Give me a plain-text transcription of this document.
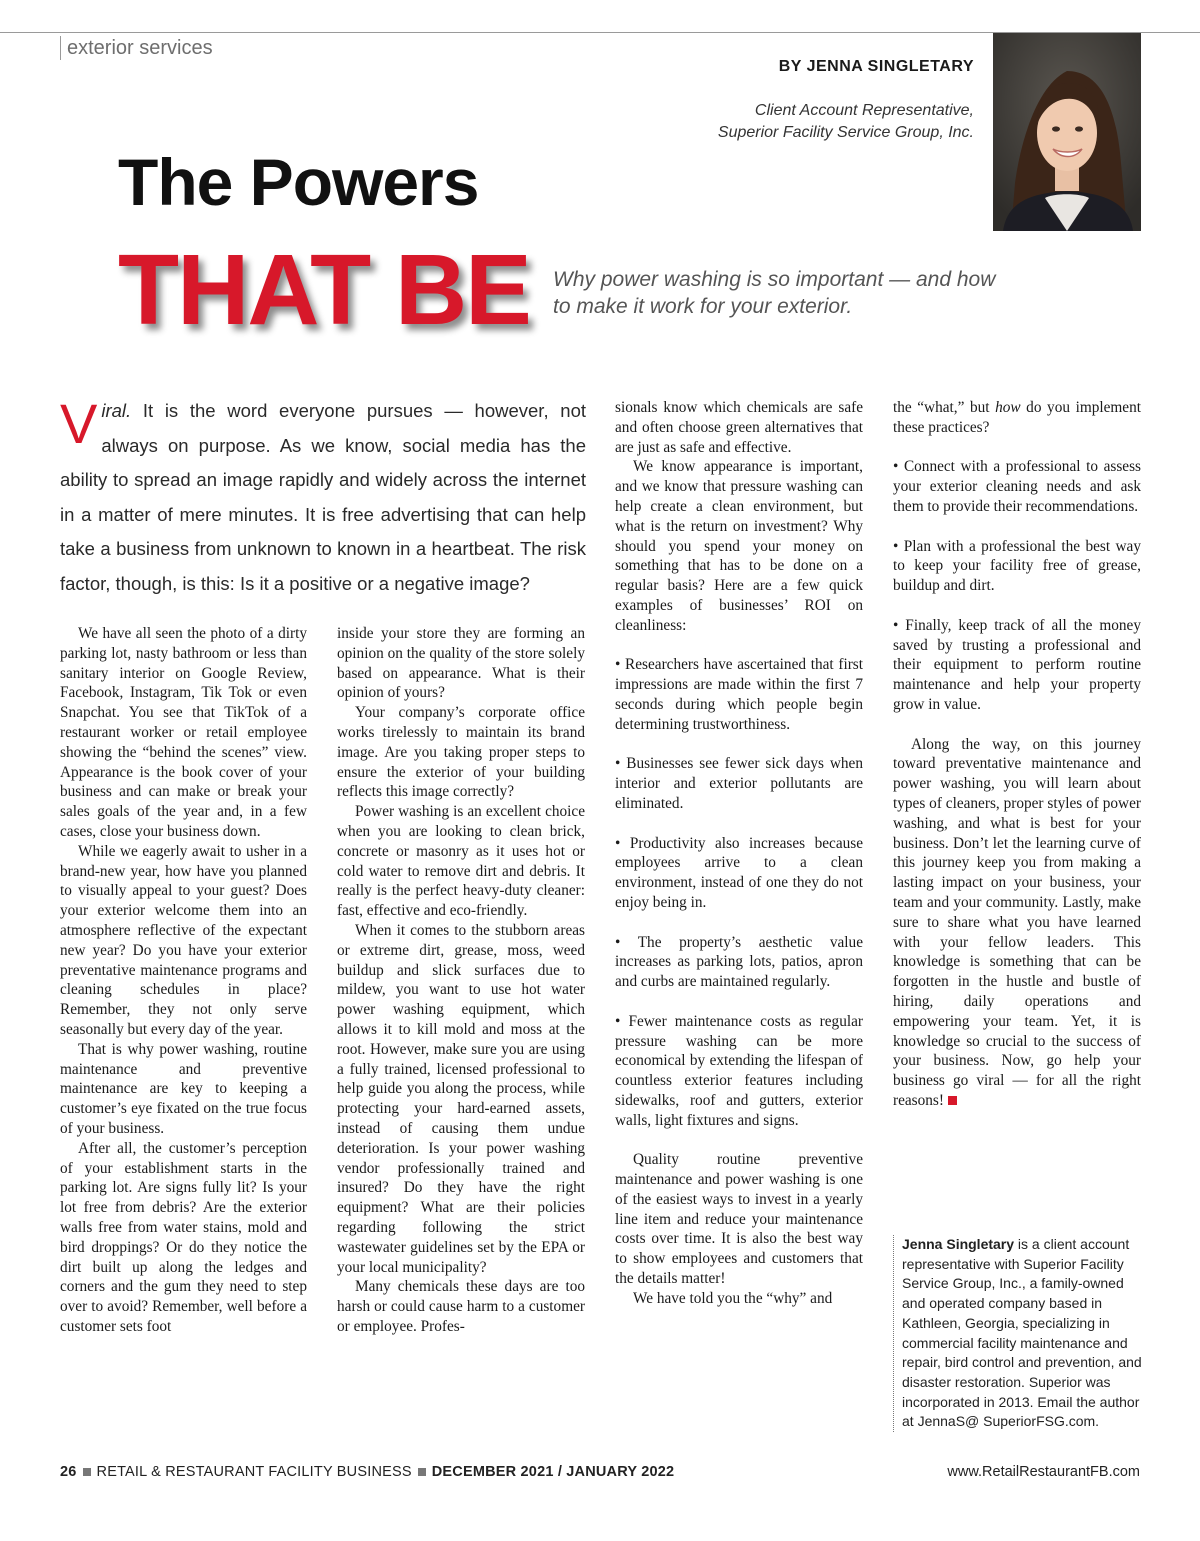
exterior services
BY JENNA SINGLETARY
Client Account Representative,
Superior Facility Service Group, Inc.
The Powers
THAT BE Why power washing is so important — and how to make it work for your exterior.
Viral. It is the word everyone pursues — however, not always on purpose. As we know, social media has the ability to spread an image rapidly and widely across the internet in a matter of mere minutes. It is free advertising that can help take a business from unknown to known in a heartbeat. The risk factor, though, is this: Is it a positive or a negative image?

We have all seen the photo of a dirty parking lot, nasty bathroom or less than sanitary interior on Google Review, Facebook, Instagram, Tik Tok or even Snapchat. You see that TikTok of a restaurant worker or retail employee showing the “behind the scenes” view. Appearance is the book cover of your business and can make or break your sales goals of the year and, in a few cases, close your business down.

While we eagerly await to usher in a brand-new year, how have you planned to visually appeal to your guest? Does your exterior welcome them into an atmosphere reflective of the expectant new year? Do you have your exterior preventative maintenance programs and cleaning schedules in place? Remember, they not only serve seasonally but every day of the year.

That is why power washing, routine maintenance and preventive maintenance are key to keeping a customer’s eye fixated on the true focus of your business.

After all, the customer’s perception of your establishment starts in the parking lot. Are signs fully lit? Is your lot free from debris? Are the exterior walls free from water stains, mold and bird droppings? Or do they notice the dirt built up along the ledges and corners and the gum they need to step over to avoid? Remember, well before a customer sets foot

inside your store they are forming an opinion on the quality of the store solely based on appearance. What is their opinion of yours?

Your company’s corporate office works tirelessly to maintain its brand image. Are you taking proper steps to ensure the exterior of your building reflects this image correctly?

Power washing is an excellent choice when you are looking to clean brick, concrete or masonry as it uses hot or cold water to remove dirt and debris. It really is the perfect heavy-duty cleaner: fast, effective and eco-friendly.

When it comes to the stubborn areas or extreme dirt, grease, moss, weed buildup and slick surfaces due to mildew, you want to use hot water power washing equipment, which allows it to kill mold and moss at the root. However, make sure you are using a fully trained, licensed professional to help guide you along the process, while protecting your hard-earned assets, instead of causing them undue deterioration. Is your power washing vendor professionally trained and insured? Do they have the right equipment? What are their policies regarding following the strict wastewater guidelines set by the EPA or your local municipality?

Many chemicals these days are too harsh or could cause harm to a customer or employee. Profes-

sionals know which chemicals are safe and often choose green alternatives that are just as safe and effective.

We know appearance is important, and we know that pressure washing can help create a clean environment, but what is the return on investment? Why should you spend your money on something that has to be done on a regular basis? Here are a few quick examples of businesses’ ROI on cleanliness:

• Researchers have ascertained that first impressions are made within the first 7 seconds during which people begin determining trustworthiness.

• Businesses see fewer sick days when interior and exterior pollutants are eliminated.

• Productivity also increases because employees arrive to a clean environment, instead of one they do not enjoy being in.

• The property’s aesthetic value increases as parking lots, patios, apron and curbs are maintained regularly.

• Fewer maintenance costs as regular pressure washing can be more economical by extending the lifespan of countless exterior features including sidewalks, roof and gutters, exterior walls, light fixtures and signs.

Quality routine preventive maintenance and power washing is one of the easiest ways to invest in a yearly line item and reduce your maintenance costs over time. It is also the best way to show employees and customers that the details matter!

We have told you the “why” and

the “what,” but how do you implement these practices?

• Connect with a professional to assess your exterior cleaning needs and ask them to provide their recommendations.

• Plan with a professional the best way to keep your facility free of grease, buildup and dirt.

• Finally, keep track of all the money saved by trusting a professional and their equipment to perform routine maintenance and help your property grow in value.

Along the way, on this journey toward preventative maintenance and power washing, you will learn about types of cleaners, proper styles of power washing, and what is best for your business. Don’t let the learning curve of this journey keep you from making a lasting impact on your business, your team and your community. Lastly, make sure to share what you have learned with your fellow leaders. This knowledge is something that can be forgotten in the hustle and bustle of hiring, daily operations and empowering your team. Yet, it is knowledge so crucial to the success of your business. Now, go help your business go viral — for all the right reasons!

Jenna Singletary is a client account representative with Superior Facility Service Group, Inc., a family-owned and operated company based in Kathleen, Georgia, specializing in commercial facility maintenance and repair, bird control and prevention, and disaster restoration. Superior was incorporated in 2013. Email the author at JennaS@ SuperiorFSG.com.
26 RETAIL & RESTAURANT FACILITY BUSINESS DECEMBER 2021 / JANUARY 2022	www.RetailRestaurantFB.com
